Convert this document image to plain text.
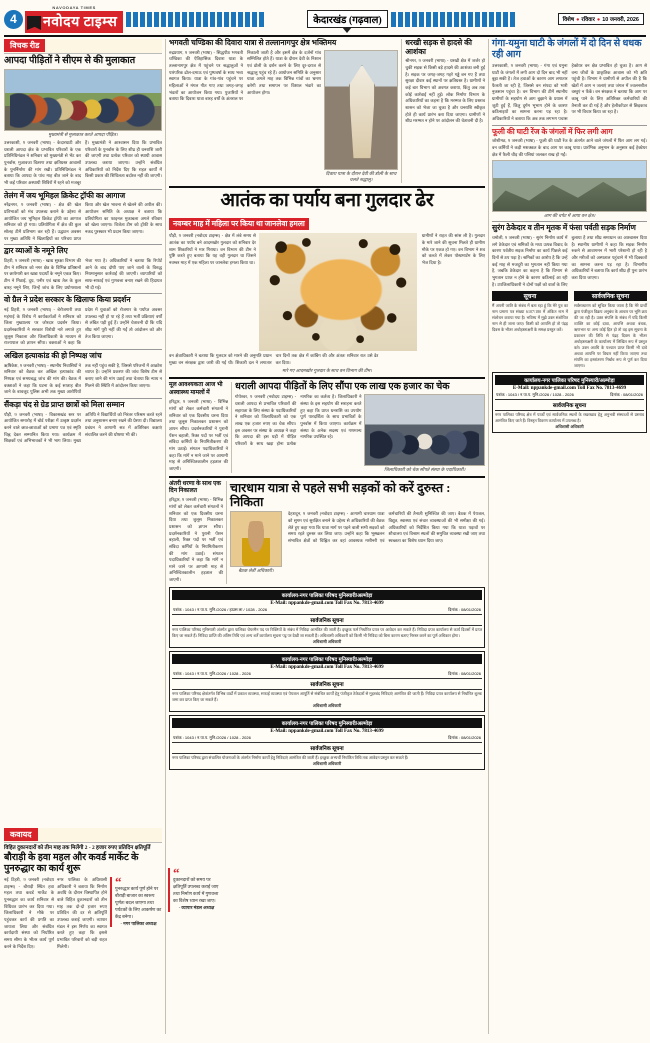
4
NAVODAYA TIMES
नवोदय टाइम्स	केदारखंड (गढ़वाल)	विशेष ● रविवार ● 10 जनवरी, 2026
विचक रीड
आपदा पीड़ितों ने सीएम से की मुलाकात
मुख्यमंत्री से मुलाकात करते आपदा पीड़ित।
उत्तरकाशी, 9 जनवरी (भाषा) - केदारघाटी और धराली आपदा क्षेत्र के प्रभावित परिवारों के एक प्रतिनिधिमंडल ने शनिवार को मुख्यमंत्री से भेंट कर पुनर्वास, मुआवजा वितरण तथा क्षतिग्रस्त आवासों के पुनर्निर्माण की मांग रखी। प्रतिनिधिमंडल ने बताया कि आपदा के पांच माह बीत जाने के बाद भी कई परिवार अस्थायी शिविरों में रहने को मजबूर हैं। मुख्यमंत्री ने आश्वासन दिया कि प्रभावित परिवारों के पुनर्वास के लिए शीघ्र ही धनराशि जारी की जाएगी तथा प्रत्येक परिवार को स्थायी आवास उपलब्ध कराया जाएगा। उन्होंने संबंधित अधिकारियों को निर्देश दिए कि राहत कार्यों में किसी प्रकार की शिथिलता बर्दाश्त नहीं की जाएगी।
तेलंग में जय भूमिहल क्रिकेट ट्रॉफी का आगाज
नरेंद्रनगर, 9 जनवरी (भाषा) - क्षेत्र की खेल प्रतिभाओं को मंच उपलब्ध कराने के उद्देश्य से आयोजित जय भूमिहल क्रिकेट ट्रॉफी का आगाज शनिवार को हो गया। प्रतियोगिता में क्षेत्र की कुल सोलह टीमें प्रतिभाग कर रही हैं। उद्घाटन अवसर पर मुख्य अतिथि ने खिलाड़ियों का परिचय प्राप्त किया और खेल भावना से खेलने की अपील की। आयोजन समिति के अध्यक्ष ने बताया कि प्रतियोगिता का फाइनल मुकाबला अगले रविवार को खेला जाएगा। विजेता टीम को ट्रॉफी के साथ नकद पुरस्कार भी प्रदान किया जाएगा।
द्वार व्याओं के नमूने लिए
टिहरी, 9 जनवरी (भाषा) - खाद्य सुरक्षा विभाग की टीम ने शनिवार को नगर क्षेत्र के विभिन्न प्रतिष्ठानों पर छापेमारी कर खाद्य पदार्थों के नमूने एकत्र किए। टीम ने मिठाई, दूध, पनीर एवं खाद्य तेल के कुल बारह नमूने लिए, जिन्हें जांच के लिए प्रयोगशाला भेजा गया है। अधिकारियों ने बताया कि रिपोर्ट आने के बाद दोषी पाए जाने वालों के विरुद्ध नियमानुसार कार्रवाई की जाएगी। व्यापारियों को साफ-सफाई एवं गुणवत्ता बनाए रखने की हिदायत भी दी गई।
वो ग्रैल ने प्रदेश सरकार के खिलाफ किया प्रदर्शन
नई टिहरी, 9 जनवरी (भाषा) - बेरोजगारी तथा महंगाई के विरोध में कार्यकर्ताओं ने शनिवार को जिला मुख्यालय पर जोरदार प्रदर्शन किया। प्रदर्शनकारियों ने सरकार विरोधी नारे लगाते हुए जुलूस निकाला और जिलाधिकारी के माध्यम से राज्यपाल को ज्ञापन सौंपा। वक्ताओं ने कहा कि प्रदेश में युवाओं को रोजगार के पर्याप्त अवसर उपलब्ध नहीं हो पा रहे हैं तथा भर्ती प्रक्रियाएं वर्षों से लंबित पड़ी हुई हैं। उन्होंने चेतावनी दी कि यदि शीघ्र मांगें पूरी नहीं की गईं तो आंदोलन को और तेज किया जाएगा।
अखिल हत्याकांड की हो निष्पक्ष जांच
ऋषिकेश, 9 जनवरी (भाषा) - स्थानीय निवासियों ने शनिवार को बैठक कर अखिल हत्याकांड की निष्पक्ष एवं समयबद्ध जांच की मांग की। बैठक में वक्ताओं ने कहा कि घटना के कई सप्ताह बीत जाने के बावजूद पुलिस अभी तक मुख्य आरोपियों तक नहीं पहुंच सकी है, जिससे परिजनों में आक्रोश व्याप्त है। उन्होंने प्रकरण की जांच विशेष टीम से कराए जाने की मांग उठाई तथा चेताया कि न्याय न मिलने की स्थिति में आंदोलन किया जाएगा।
सैंकड़ा चंद से ग्रेड प्राप्त छात्रों को मिला सम्मान
पौड़ी, 9 जनवरी (भाषा) - विकासखंड स्तर पर आयोजित समारोह में बोर्ड परीक्षा में उत्कृष्ट प्रदर्शन करने वाले छात्र-छात्राओं को प्रमाण पत्र एवं स्मृति चिह्न देकर सम्मानित किया गया। कार्यक्रम में शिक्षकों एवं अभिभावकों ने भी भाग लिया। मुख्य अतिथि ने विद्यार्थियों को निरंतर परिश्रम करते रहने तथा अनुशासन बनाए रखने की प्रेरणा दी। विद्यालय प्रबंधन ने आगामी सत्र में अतिरिक्त कक्षाएं संचालित करने की घोषणा भी की।
भगवती चण्डिका की दिवारा यात्रा से तल्लानागपुर क्षेत्र भक्तिमय
रुद्रप्रयाग, 9 जनवरी (भाषा) - सिद्धपीठ भगवती चण्डिका की ऐतिहासिक दिवारा यात्रा के तल्लानागपुर क्षेत्र में पहुंचने पर श्रद्धालुओं ने पारंपरिक ढोल-दमाऊ एवं पुष्पवर्षा के साथ भव्य स्वागत किया। यात्रा के गांव-गांव पहुंचने पर महिलाओं ने मंगल गीत गाए तथा जगह-जगह भंडारों का आयोजन किया गया। पुजारियों ने बताया कि दिवारा यात्रा बारह वर्षों के अंतराल पर निकाली जाती है और इसमें क्षेत्र के दर्जनों गांव सम्मिलित होते हैं। यात्रा के दौरान देवी के निशान एवं डोली के दर्शन करने के लिए दूर-दराज से श्रद्धालु पहुंच रहे हैं। आयोजन समिति के अनुसार यात्रा अगले माह तक विभिन्न गांवों का भ्रमण करेगी तथा समापन पर विशाल भंडारे का आयोजन होगा।
दिवारा यात्रा के दौरान देवी की डोली के साथ चलते श्रद्धालु।
धरखी सड़क से हादसे की आशंका
श्रीनगर, 9 जनवरी (भाषा) - धरखी क्षेत्र में जर्जर हो चुकी सड़क से किसी बड़े हादसे की आशंका बनी हुई है। सड़क पर जगह-जगह गहरे गड्ढे बन गए हैं तथा सुरक्षा दीवार कई स्थानों पर क्षतिग्रस्त है। ग्रामीणों ने कई बार विभाग को अवगत कराया, किंतु अब तक कोई कार्रवाई नहीं हुई। लोक निर्माण विभाग के अधिकारियों का कहना है कि मरम्मत के लिए प्रस्ताव शासन को भेजा जा चुका है और धनराशि स्वीकृत होते ही कार्य प्रारंभ करा दिया जाएगा। ग्रामीणों ने शीघ्र मरम्मत न होने पर आंदोलन की चेतावनी दी है।
आतंक का पर्याय बना गुलदार ढेर
नवम्बर माह में महिला पर किया था जानलेवा हमला
पौड़ी, 9 जनवरी (नवोदय टाइम्स) - क्षेत्र में लंबे समय से आतंक का पर्याय बने आदमखोर गुलदार को शनिवार देर शाम शिकारियों ने मार गिराया। वन विभाग की टीम ने पुष्टि करते हुए बताया कि यह वही गुलदार था जिसने नवम्बर माह में एक महिला पर जानलेवा हमला किया था।
ग्रामीणों ने राहत की सांस ली है। गुलदार के मारे जाने की सूचना मिलते ही ग्रामीण मौके पर एकत्र हो गए। वन विभाग ने शव को कब्जे में लेकर पोस्टमार्टम के लिए भेज दिया है।
वन क्षेत्राधिकारी ने बताया कि गुलदार को मारने की अनुमति प्रधान मुख्य वन संरक्षक द्वारा जारी की गई थी। शिकारी दल ने लगातार चार दिनों तक क्षेत्र में कांबिंग की और अंततः शनिवार रात उसे ढेर कर दिया।
मारे गए आदमखोर गुलदार के साथ वन विभाग की टीम।
मूल आवश्यकता आज भी
अस्वास्थ्य मामलों में
हरिद्वार, 9 जनवरी (भाषा) - विभिन्न मांगों को लेकर कर्मचारी संगठनों ने शनिवार को एक दिवसीय धरना दिया तथा जुलूस निकालकर प्रशासन को ज्ञापन सौंपा। प्रदर्शनकारियों ने पुरानी पेंशन बहाली, रिक्त पदों पर भर्ती एवं संविदा कर्मियों के नियमितीकरण की मांग उठाई। संगठन पदाधिकारियों ने कहा कि मांगें न माने जाने पर आगामी माह से अनिश्चितकालीन हड़ताल की जाएगी।
धराली आपदा पीड़ितों के लिए सौंपा एक लाख एक हजार का चेक
गोपेश्वर, 9 जनवरी (नवोदय टाइम्स) - धराली आपदा से प्रभावित परिवारों की सहायता के लिए संस्था के पदाधिकारियों ने शनिवार को जिलाधिकारी को एक लाख एक हजार रुपए का चेक सौंपा। इस अवसर पर संस्था के अध्यक्ष ने कहा कि आपदा की इस घड़ी में पीड़ित परिवारों के साथ खड़ा होना प्रत्येक नागरिक का कर्तव्य है। जिलाधिकारी ने संस्था के इस सहयोग की सराहना करते हुए कहा कि प्राप्त धनराशि का उपयोग पूर्ण पारदर्शिता के साथ प्रभावितों के पुनर्वास में किया जाएगा। कार्यक्रम में संस्था के अनेक सदस्य एवं गणमान्य नागरिक उपस्थित रहे।
जिलाधिकारी को चेक सौंपते संस्था के पदाधिकारी।
अंतरी धरणा के साथ एक दिन निकालत
हरिद्वार, 9 जनवरी (भाषा) - विभिन्न मांगों को लेकर कर्मचारी संगठनों ने शनिवार को एक दिवसीय धरना दिया तथा जुलूस निकालकर प्रशासन को ज्ञापन सौंपा। प्रदर्शनकारियों ने पुरानी पेंशन बहाली, रिक्त पदों पर भर्ती एवं संविदा कर्मियों के नियमितीकरण की मांग उठाई। संगठन पदाधिकारियों ने कहा कि मांगें न माने जाने पर आगामी माह से अनिश्चितकालीन हड़ताल की जाएगी।
चारधाम यात्रा से पहले सभी सड़कों को करें दुरुस्त : निकिता
बैठक लेतीं अधिकारी।
देहरादून, 9 जनवरी (नवोदय टाइम्स) - आगामी चारधाम यात्रा को सुगम एवं सुरक्षित बनाने के उद्देश्य से अधिकारियों की बैठक लेते हुए कहा गया कि यात्रा मार्ग पर पड़ने वाली सभी सड़कों को समय रहते दुरुस्त कर लिया जाए। उन्होंने कहा कि भूस्खलन संभावित क्षेत्रों को चिह्नित कर वहां आवश्यक मशीनरी एवं कर्मचारियों की तैनाती सुनिश्चित की जाए। बैठक में पेयजल, विद्युत, स्वास्थ्य एवं संचार व्यवस्थाओं की भी समीक्षा की गई। अधिकारियों को निर्देशित किया गया कि यात्रा पड़ावों पर शौचालय एवं विश्राम स्थलों की समुचित व्यवस्था रखी जाए तथा स्वच्छता का विशेष ध्यान दिया जाए।
कार्यालय-नगर पालिका परिषद मुनिस्यारी/अल्मोड़ा
E-Mail: nppankde-gmail.com Toll Fax No. 7813-4699
पत्रांक : 1043 / न.पा.प. मुनि./2026 / हाउस ला / 1028 - 2026	दिनांक : 08/01/2026
सार्वजनिक सूचना
नगर पालिका परिषद मुनिस्यारी अंतर्गत द्वारा पालिका चेयरमैन पद पर रिक्तियों के संबंध में निविदा आमंत्रित की जाती है। इच्छुक फर्म निर्धारित प्रपत्र पर आवेदन कर सकते हैं। निविदा प्रपत्र कार्यालय से कार्य दिवसों में प्राप्त किए जा सकते हैं। निविदा प्राप्ति की अंतिम तिथि एवं अन्य शर्तें कार्यालय सूचना पट्ट पर देखी जा सकती हैं। अधिशासी अधिकारी को किसी भी निविदा को बिना कारण बताए निरस्त करने का पूर्ण अधिकार होगा।
अधिशासी अधिकारी
कार्यालय-नगर पालिका परिषद मुनिस्यारी/अल्मोड़ा
E-Mail: nppankde-gmail.com Toll Fax No. 7813-4699
पत्रांक : 1043 / न.पा.प. मुनि./2026 / 1028 - 2026	दिनांक : 08/01/2026
सार्वजनिक सूचना
नगर पालिका परिषद क्षेत्रांतर्गत विभिन्न वार्डों में प्रकाश व्यवस्था, सफाई व्यवस्था एवं पेयजल आपूर्ति से संबंधित कार्यों हेतु पंजीकृत ठेकेदारों से मुहरबंद निविदाएं आमंत्रित की जाती हैं। निविदा प्रपत्र कार्यालय से निर्धारित शुल्क जमा कर प्राप्त किए जा सकते हैं।
अधिशासी अधिकारी
कार्यालय-नगर पालिका परिषद मुनिस्यारी/अल्मोड़ा
E-Mail: nppankde-gmail.com Toll Fax No. 7813-4699
पत्रांक : 1043 / न.पा.प. मुनि./2026 / 1028 - 2026	दिनांक : 08/01/2026
सार्वजनिक सूचना
नगर पालिका परिषद द्वारा संचालित योजनाओं के अंतर्गत निर्माण कार्यों हेतु निविदाएं आमंत्रित की जाती हैं। इच्छुक अभ्यर्थी निर्धारित तिथि तक आवेदन प्रस्तुत कर सकते हैं।
अधिशासी अधिकारी
गंगा-यमुना घाटी के जंगलों में दो दिन से धधक रही आग
उत्तरकाशी, 9 जनवरी (भाषा) - गंगा एवं यमुना घाटी के जंगलों में लगी आग दो दिन बाद भी नहीं बुझ सकी है। तेज हवाओं के कारण आग लगातार फैलती जा रही है, जिससे वन संपदा को भारी नुकसान पहुंचा है। वन विभाग की टीमें स्थानीय ग्रामीणों के सहयोग से आग बुझाने के प्रयास में जुटी हुई हैं, किंतु दुर्गम भूभाग होने के कारण कठिनाइयों का सामना करना पड़ रहा है। अधिकारियों ने बताया कि अब तक लगभग पचास हेक्टेयर वन क्षेत्र प्रभावित हो चुका है। आग से वन्य जीवों के प्राकृतिक आवास को भी क्षति पहुंची है। विभाग ने ग्रामीणों से अपील की है कि खेतों में आग न जलाएं तथा जंगल में ज्वलनशील वस्तुएं न फेंकें। वन संरक्षक ने बताया कि आग पर काबू पाने के लिए अतिरिक्त कर्मचारियों की तैनाती कर दी गई है और हेलीकॉप्टर से छिड़काव पर भी विचार किया जा रहा है।
फूली की घाटी रेंज के जंगलों में फिर लगी आग
जोशीमठ, 9 जनवरी (भाषा) - फूली की घाटी रेंज के अंतर्गत आने वाले जंगलों में फिर आग लग गई। वन कर्मियों ने कड़ी मशक्कत के बाद आग पर काबू पाया। प्रारंभिक अनुमान के अनुसार कई हेक्टेयर क्षेत्र में फैली चीड़ की पत्तियां जलकर राख हो गईं।
आग की चपेट में आया वन क्षेत्र।
सुरंग ठेकेदार व तीन मृतक में फंसा पर्वती सड़क निर्माण
चमोली, 9 जनवरी (भाषा) - सुरंग निर्माण कार्य में लगे ठेकेदार एवं श्रमिकों के मध्य उत्पन्न विवाद के कारण पर्वतीय सड़क निर्माण का कार्य पिछले कई दिनों से ठप पड़ा है। श्रमिकों का आरोप है कि उन्हें कई माह से मजदूरी का भुगतान नहीं किया गया है, जबकि ठेकेदार का कहना है कि विभाग से भुगतान प्राप्त न होने के कारण कठिनाई आ रही है। उपजिलाधिकारी ने दोनों पक्षों को वार्ता के लिए बुलाया है तथा शीघ्र समाधान का आश्वासन दिया है। स्थानीय ग्रामीणों ने कहा कि सड़क निर्माण रुकने से आवागमन में भारी परेशानी हो रही है और मरीजों को अस्पताल पहुंचाने में भी दिक्कतों का सामना करना पड़ रहा है। विभागीय अधिकारियों ने बताया कि कार्य शीघ्र ही पुनः प्रारंभ करा दिया जाएगा।
सूचना
मैं अपनी जाति के संबंध में बता रहा हूं कि मेरे पुत्र का नाम प्रमाण पत्र संख्या 6107/180 में अंकित नाम में संशोधन कराया गया है। भविष्य में मुझे उक्त संशोधित नाम से ही जाना जाए। किसी को आपत्ति हो तो पंद्रह दिवस के भीतर अधोहस्ताक्षरी के समक्ष प्रस्तुत करें।
सार्वजनिक सूचना
सर्वसाधारण को सूचित किया जाता है कि मेरे प्रार्थी द्वारा पंजीकृत विक्रय अनुबंध के आधार पर भूमि क्रय की जा रही है। उक्त संपत्ति के संबंध में यदि किसी व्यक्ति का कोई दावा, आपत्ति अथवा बंधक, ऋणभार या अन्य कोई हित हो तो वह इस सूचना के प्रकाशन की तिथि से पंद्रह दिवस के भीतर अधोहस्ताक्षरी के कार्यालय में लिखित रूप में प्रस्तुत करे। उक्त अवधि के पश्चात प्राप्त किसी भी दावे अथवा आपत्ति पर विचार नहीं किया जाएगा तथा संपत्ति का हस्तांतरण निर्बाध रूप से पूर्ण कर दिया जाएगा।
कार्यालय-नगर पालिका परिषद मुनिस्यारी/अल्मोड़ा
E-Mail: nppankde-gmail.com Toll Fax No. 7813-4699
पत्रांक : 1043 / न.पा.प. मुनि./2026 / 1028 - 2026	दिनांक : 08/01/2026
सार्वजनिक सूचना
नगर पालिका परिषद क्षेत्र में पार्कों एवं सार्वजनिक स्थलों के रखरखाव हेतु अनुभवी संस्थाओं से प्रस्ताव आमंत्रित किए जाते हैं। विस्तृत विवरण कार्यालय में उपलब्ध है।
अधिशासी अधिकारी
कवायद
विहित दुकानदारों को तीन माह तक मिलेंगी 2 - 2 हजार रुपए प्रतिदिन क्षतिपूर्ति
बौराड़ी के हवा महल और कवर्ड मार्केट के पुनरुद्धार का कार्य शुरू
नई टिहरी, 9 जनवरी (नवोदय टाइम्स) - बौराड़ी स्थित हवा महल तथा कवर्ड मार्केट के पुनरुद्धार का कार्य शनिवार से विधिवत प्रारंभ कर दिया गया। जिलाधिकारी ने मौके पर पहुंचकर कार्य की प्रगति का जायजा लिया और संबंधित कार्यदायी संस्था को निर्धारित समय सीमा के भीतर कार्य पूर्ण करने के निर्देश दिए।
नगर पालिका के अधिशासी अधिकारी ने बताया कि निर्माण अवधि के दौरान विस्थापित होने वाले विहित दुकानदारों को तीन माह तक दो-दो हजार रुपए प्रतिदिन की दर से क्षतिपूर्ति उपलब्ध कराई जाएगी। व्यापार मंडल ने इस निर्णय का स्वागत करते हुए कहा कि इससे प्रभावित परिवारों को बड़ी राहत मिलेगी।
“
पुनरुद्धार कार्य पूर्ण होने पर बौराड़ी बाजार का स्वरूप पूर्णतः बदल जाएगा तथा पर्यटकों के लिए आकर्षण का केंद्र बनेगा।
- नगर पालिका अध्यक्ष
“
दुकानदारों को समय पर क्षतिपूर्ति उपलब्ध कराई जाए तथा निर्माण कार्य में गुणवत्ता का विशेष ध्यान रखा जाए।
- व्यापार मंडल अध्यक्ष
